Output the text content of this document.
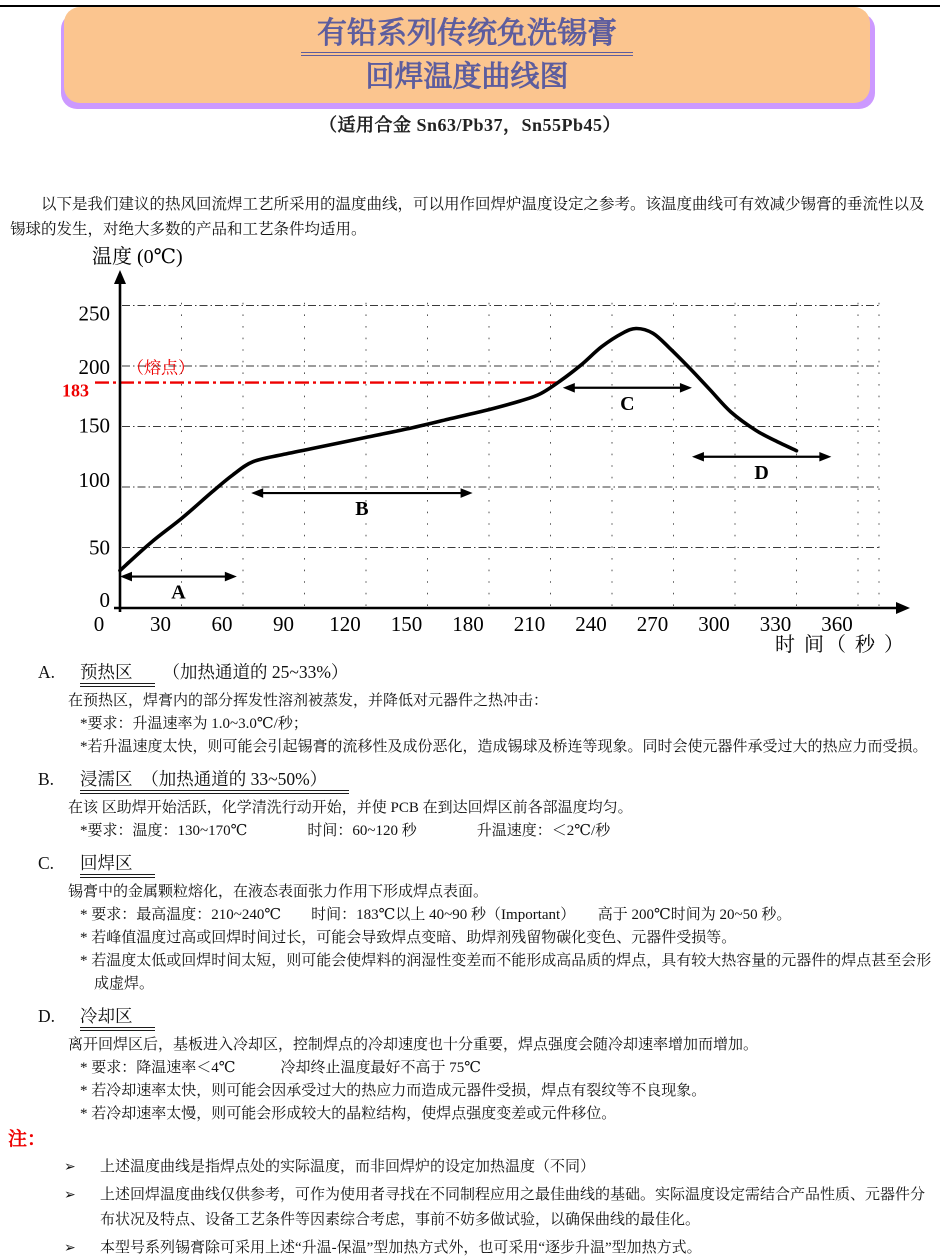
有铅系列传统免洗锡膏
回焊温度曲线图
（适用合金 Sn63/Pb37，Sn55Pb45）
以下是我们建议的热风回流焊工艺所采用的温度曲线，可以用作回焊炉温度设定之参考。该温度曲线可有效减少锡膏的垂流性以及锡球的发生，对绝大多数的产品和工艺条件均适用。
0
50
100
150
200
250
0 30 60 90 120 150 180 210 240 270 300 330 360
（熔点）
183
温度 (0℃)
时 间（ 秒 ）
A
B
C
D
A. 预热区 （加热通道的 25~33%）
在预热区，焊膏内的部分挥发性溶剂被蒸发，并降低对元器件之热冲击：
*要求：升温速率为 1.0~3.0℃/秒；
*若升温速度太快，则可能会引起锡膏的流移性及成份恶化，造成锡球及桥连等现象。同时会使元器件承受过大的热应力而受损。
B. 浸濡区　（加热通道的 33~50%）
在该 区助焊开始活跃，化学清洗行动开始，并使 PCB 在到达回焊区前各部温度均匀。
*要求：温度：130~170℃　　　　时间：60~120 秒　　　　升温速度：＜2℃/秒
C. 回焊区
锡膏中的金属颗粒熔化，在液态表面张力作用下形成焊点表面。
* 要求：最高温度：210~240℃　　时间：183℃以上 40~90 秒（Important）　　高于 200℃时间为 20~50 秒。
* 若峰值温度过高或回焊时间过长，可能会导致焊点变暗、助焊剂残留物碳化变色、元器件受损等。
* 若温度太低或回焊时间太短，则可能会使焊料的润湿性变差而不能形成高品质的焊点，具有较大热容量的元器件的焊点甚至会形成虚焊。
D. 冷却区
离开回焊区后，基板进入冷却区，控制焊点的冷却速度也十分重要，焊点强度会随冷却速率增加而增加。
* 要求：降温速率＜4℃　　　冷却终止温度最好不高于 75℃
* 若冷却速率太快，则可能会因承受过大的热应力而造成元器件受损，焊点有裂纹等不良现象。
* 若冷却速率太慢，则可能会形成较大的晶粒结构，使焊点强度变差或元件移位。
注：
➢	上述温度曲线是指焊点处的实际温度，而非回焊炉的设定加热温度（不同）
➢	上述回焊温度曲线仅供参考，可作为使用者寻找在不同制程应用之最佳曲线的基础。实际温度设定需结合产品性质、元器件分布状况及特点、设备工艺条件等因素综合考虑，事前不妨多做试验，以确保曲线的最佳化。
➢	本型号系列锡膏除可采用上述“升温-保温”型加热方式外，也可采用“逐步升温”型加热方式。
